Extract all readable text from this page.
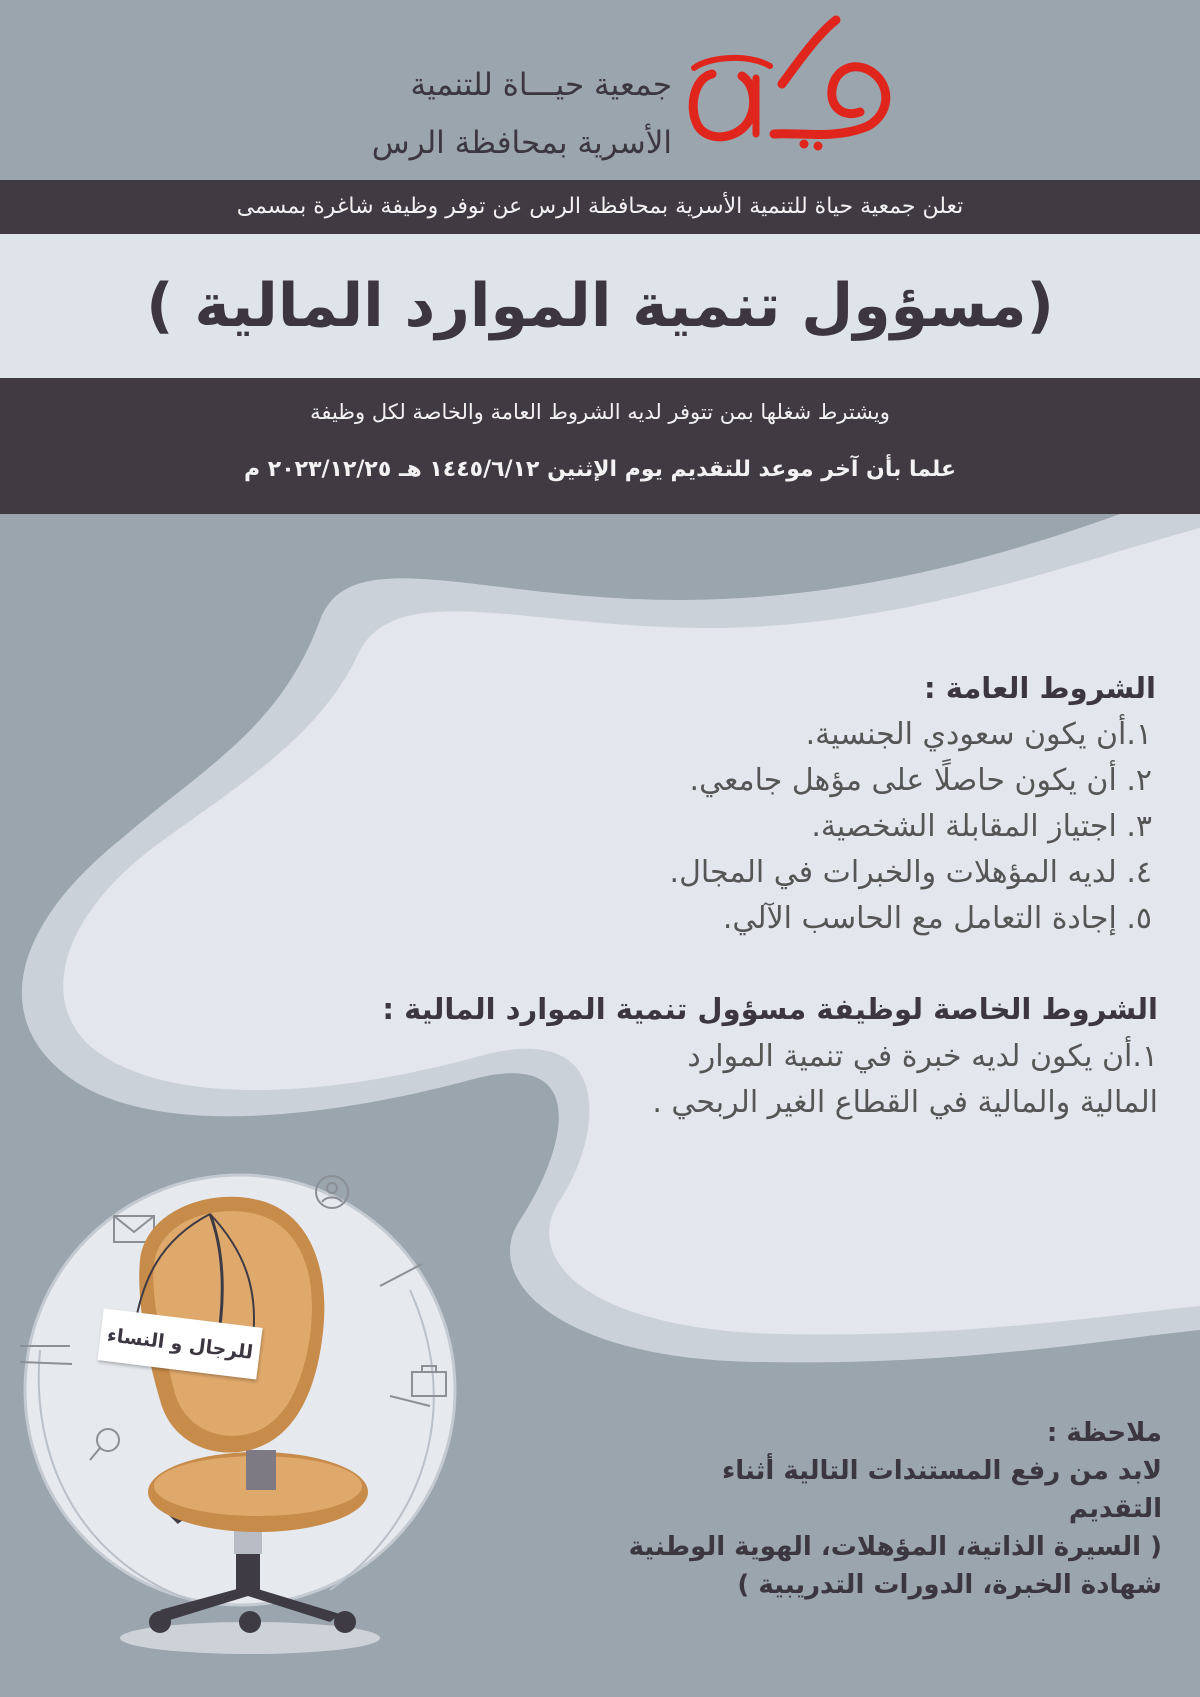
جمعية حيـــاة للتنمية
الأسرية بمحافظة الرس
تعلن جمعية حياة للتنمية الأسرية بمحافظة الرس عن توفر وظيفة شاغرة بمسمى
(مسؤول تنمية الموارد المالية )
ويشترط شغلها بمن تتوفر لديه الشروط العامة والخاصة لكل وظيفة
علما بأن آخر موعد للتقديم يوم الإثنين ١٤٤٥/٦/١٢ هـ ٢٠٢٣/١٢/٢٥ م
الشروط العامة :
١.أن يكون سعودي الجنسية.
٢. أن يكون حاصلًا على مؤهل جامعي.
٣. اجتياز المقابلة الشخصية.
٤. لديه المؤهلات والخبرات في المجال.
٥. إجادة التعامل مع الحاسب الآلي.
الشروط الخاصة لوظيفة مسؤول تنمية الموارد المالية :
١.أن يكون لديه خبرة في تنمية الموارد
المالية والمالية في القطاع الغير الربحي .
للرجال و النساء
ملاحظة :
لابد من رفع المستندات التالية أثناء
التقديم
( السيرة الذاتية، المؤهلات، الهوية الوطنية
شهادة الخبرة، الدورات التدريبية )
